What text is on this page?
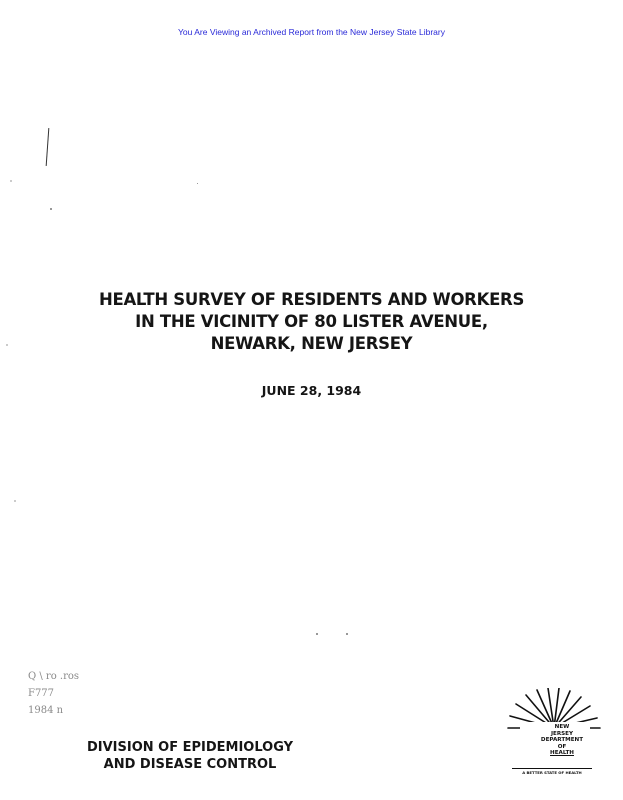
You Are Viewing an Archived Report from the New Jersey State Library
HEALTH SURVEY OF RESIDENTS AND WORKERS
IN THE VICINITY OF 80 LISTER AVENUE,
NEWARK, NEW JERSEY
JUNE 28, 1984
Q \ ro .ros
F777
1984 n
DIVISION OF EPIDEMIOLOGY
AND DISEASE CONTROL
NEW
JERSEY
DEPARTMENT
OF
HEALTH
A BETTER STATE OF HEALTH
